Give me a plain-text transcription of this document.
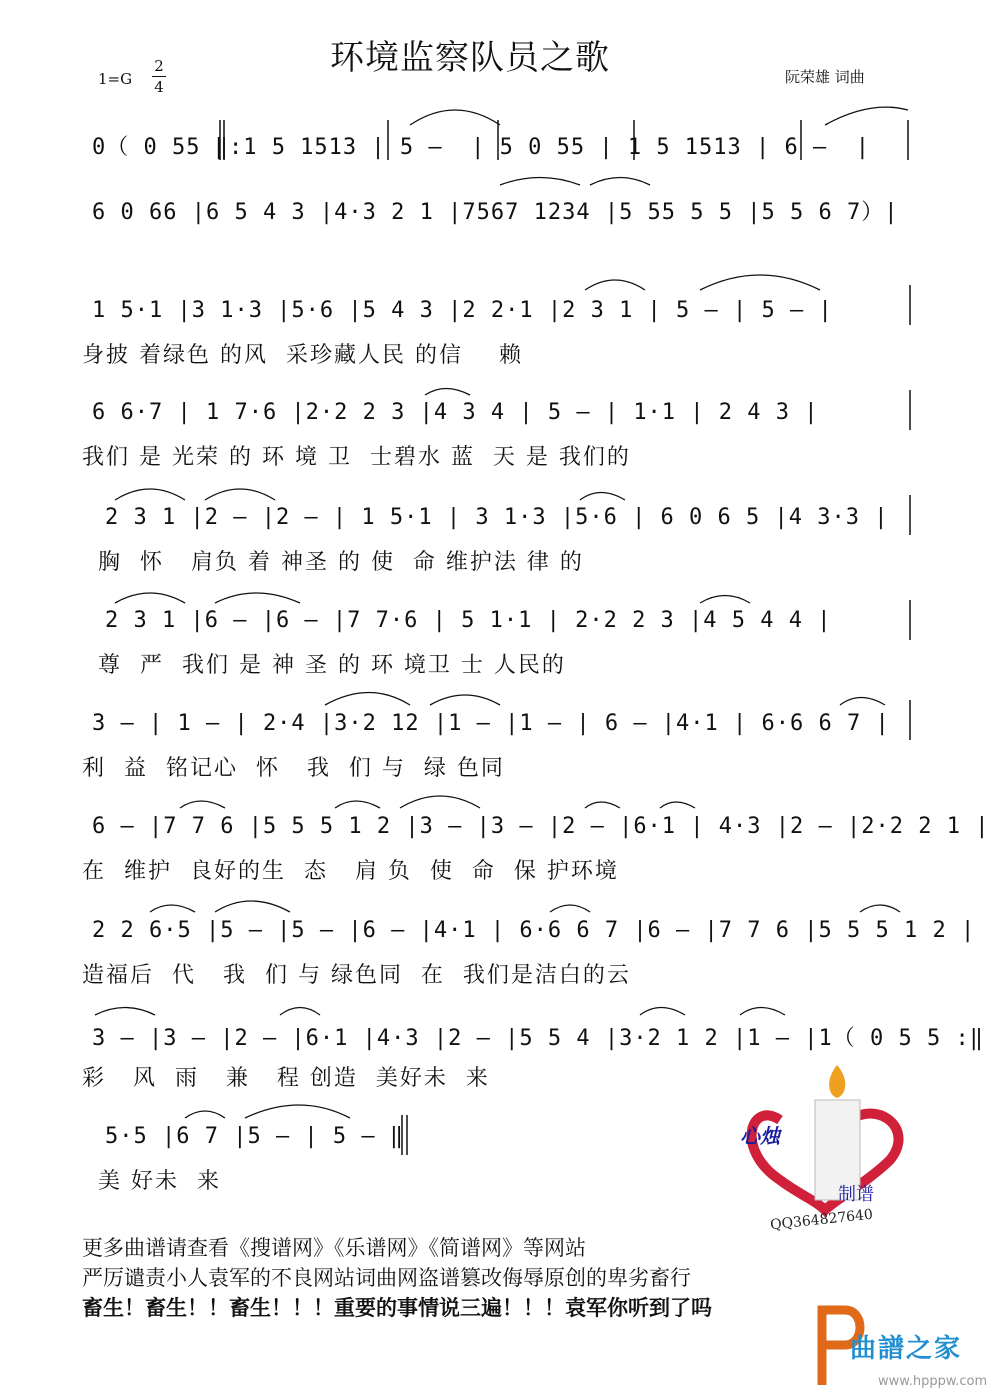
环境监察队员之歌
1=G
2
4
阮荣雄 词曲
0（ 0 55 ‖:1 5 1513 | 5 –  | 5 0 55 | 1 5 1513 | 6 –  |
6 0 66 |6 5 4 3 |4·3 2 1 |7567 1234 |5 55 5 5 |5 5 6 7）|
1 5·1 |3 1·3 |5·6 |5 4 3 |2 2·1 |2 3 1 | 5 – | 5 – |
身披 着绿色 的风  采珍藏人民 的信    赖
6 6·7 | 1 7·6 |2·2 2 3 |4 3 4 | 5 – | 1·1 | 2 4 3 |
我们 是 光荣 的 环 境 卫  士碧水 蓝  天 是 我们的
2 3 1 |2 – |2 – | 1 5·1 | 3 1·3 |5·6 | 6 0 6 5 |4 3·3 |
胸  怀   肩负 着 神圣 的 使  命 维护法 律 的
2 3 1 |6 – |6 – |7 7·6 | 5 1·1 | 2·2 2 3 |4 5 4 4 |
尊  严  我们 是 神 圣 的 环 境卫 士 人民的
3 – | 1 – | 2·4 |3·2 12 |1 – |1 – | 6 – |4·1 | 6·6 6 7 |
利  益  铭记心  怀   我  们 与  绿 色同
6 – |7 7 6 |5 5 5 1 2 |3 – |3 – |2 – |6·1 | 4·3 |2 – |2·2 2 1 |
在  维护  良好的生  态   肩 负  使  命  保 护环境
2 2 6·5 |5 – |5 – |6 – |4·1 | 6·6 6 7 |6 – |7 7 6 |5 5 5 1 2 |
造福后  代   我  们 与 绿色同  在  我们是洁白的云
3 – |3 – |2 – |6·1 |4·3 |2 – |5 5 4 |3·2 1 2 |1 – |1（ 0 5 5 :‖
彩   风  雨   兼   程 创造  美好未  来
5·5 |6 7 |5 – | 5 – ‖
美 好未  来
心烛
制谱
QQ364827640
更多曲谱请查看《搜谱网》《乐谱网》《简谱网》等网站
严厉谴责小人袁军的不良网站词曲网盗谱篡改侮辱原创的卑劣畜行
畜生！畜生！！畜生！！！重要的事情说三遍！！！袁军你听到了吗
曲譜之家
www.hpppw.com
